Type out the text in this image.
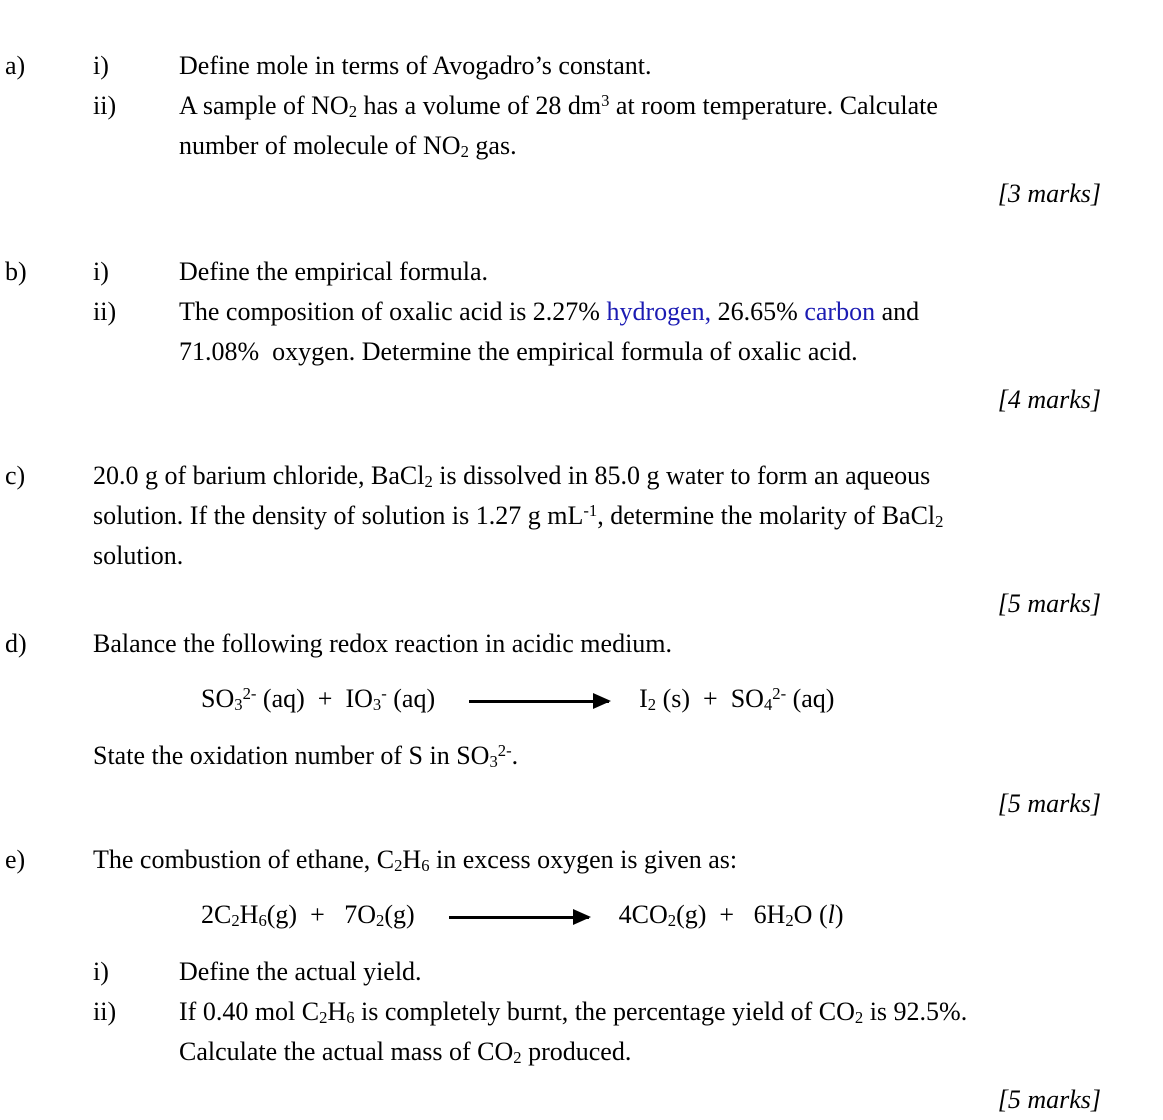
a)	i)	Define mole in terms of Avogadro’s constant.
ii)	A sample of $NO_2$ has a volume of 28 $dm^3$ at room temperature. Calculate
number of molecule of $NO_2$ gas.
[3 marks]
b)	i)	Define the empirical formula.
ii)	The composition of oxalic acid is 2.27% hydrogen, 26.65% carbon and
71.08% oxygen. Determine the empirical formula of oxalic acid.
[4 marks]
c)	20.0 g of barium chloride, BaCl$_2$ is dissolved in 85.0 g water to form an aqueous
solution. If the density of solution is 1.27 g $mL^{-1}$, determine the molarity of BaCl$_2$
solution.
[5 marks]
d)	Balance the following redox reaction in acidic medium.
$SO_3^{2-}$ (aq) + $IO_3^-$ (aq)	$I_2$ (s) + $SO_4^{2-}$ (aq)
State the oxidation number of S in $SO_3^{2-}$.
[5 marks]
e)	The combustion of ethane, $C_2H_6$ in excess oxygen is given as:
$2C_2H_6(g)$ +  $7O_2(g)$	$4CO_2(g)$ +  $6H_2O$ (l)
i)	Define the actual yield.
ii)	If 0.40 mol $C_2H_6$ is completely burnt, the percentage yield of $CO_2$ is 92.5%.
Calculate the actual mass of $CO_2$ produced.
[5 marks]
